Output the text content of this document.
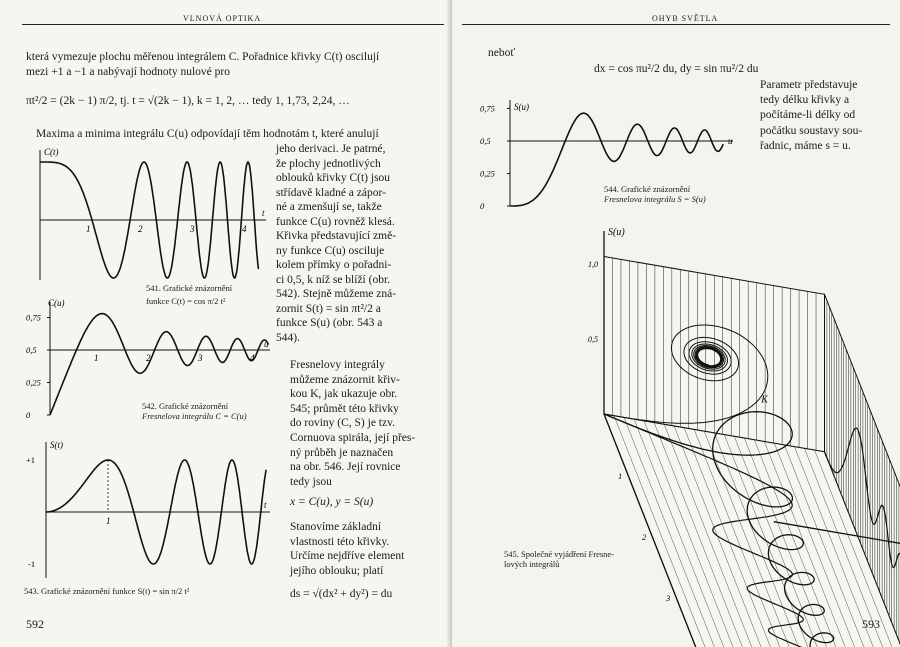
VLNOVÁ OPTIKA
která vymezuje plochu měřenou integrálem C. Pořadnice křivky C(t) oscilují
mezi +1 a −1 a nabývají hodnoty nulové pro
πt²/2 = (2k − 1) π/2, tj. t = √(2k − 1), k = 1, 2, … tedy 1, 1,73, 2,24, …
Maxima a minima integrálu C(u) odpovídají těm hodnotám t, které anulují
jeho derivaci. Je patrné,
že plochy jednotlivých
oblouků křivky C(t) jsou
střídavě kladné a zápor-
né a zmenšují se, takže
funkce C(u) rovněž klesá.
Křivka představující změ-
ny funkce C(u) osciluje
kolem přímky o pořadni-
ci 0,5, k níž se blíží (obr.
542). Stejně můžeme zná-
zornit S(t) = sin πt²/2 a
funkce S(u) (obr. 543 a
544).
Fresnelovy integrály
můžeme znázornit křiv-
kou K, jak ukazuje obr.
545; průmět této křivky
do roviny (C, S) je tzv.
Cornuova spirála, její přes-
ný průběh je naznačen
na obr. 546. Její rovnice
tedy jsou
x = C(u), y = S(u)
Stanovíme základní
vlastnosti této křivky.
Určíme nejdříve element
jejího oblouku; platí
ds = √(dx² + dy²) = du
C(t)
t
1	2	3	4
541. Grafické znázornění
funkce C(t) = cos π/2 t²
C(u)
u
0,75
0,5
0,25
0
1	2	3	4
542. Grafické znázornění
Fresnelova integrálu C = C(u)
S(t)
t
+1
-1
1
543. Grafické znázornění funkce S(t) = sin π/2 t²
592
OHYB SVĚTLA
neboť
dx = cos πu²/2 du, dy = sin πu²/2 du
Parametr představuje
tedy délku křivky a
počítáme-li délky od
počátku soustavy sou-
řadnic, máme s = u.
S(u)
u
0,75
0,5
0,25
0
544. Grafické znázornění
Fresnelova integrálu S = S(u)
S(u)
1,0
0,5
1
2
3
K
545. Společné vyjádření Fresne-
lových integrálů
593
